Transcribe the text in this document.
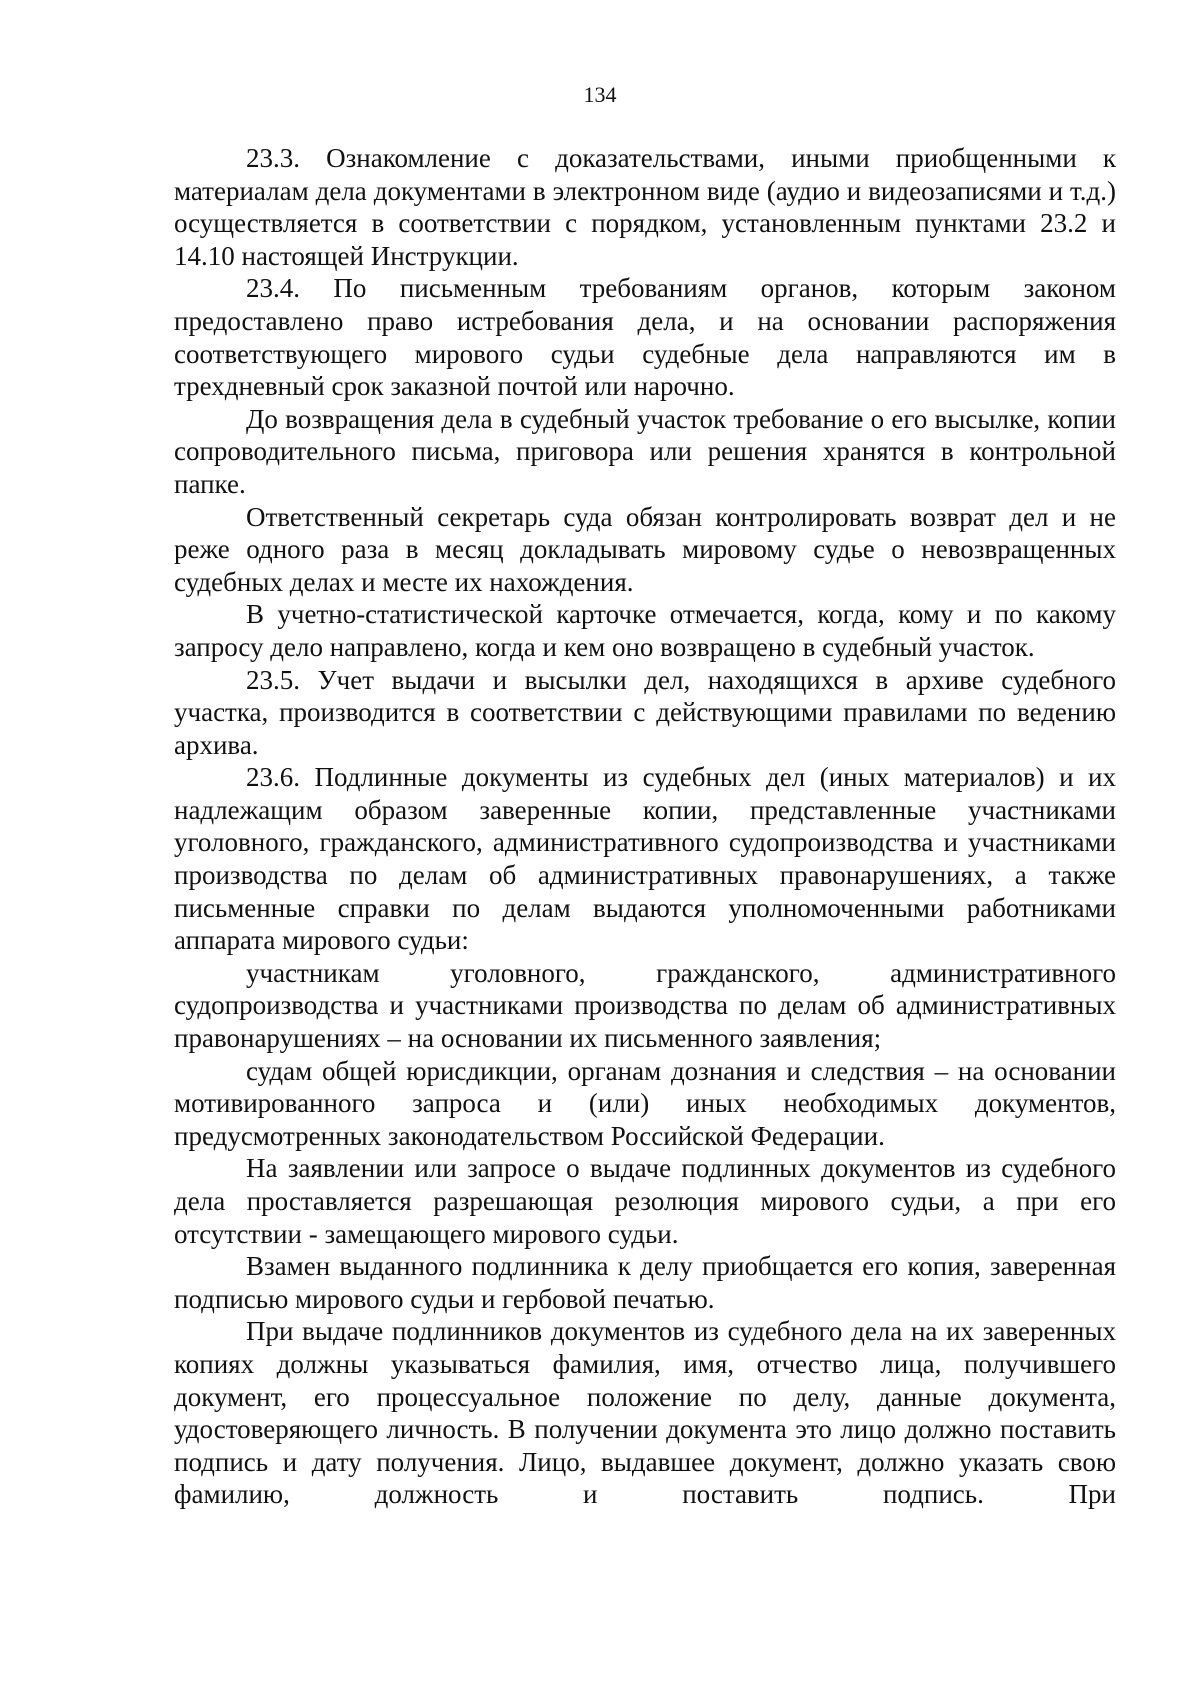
134

23.3. Ознакомление с доказательствами, иными приобщенными к материалам дела документами в электронном виде (аудио и видеозаписями и т.д.) осуществляется в соответствии с порядком, установленным пунктами 23.2 и 14.10 настоящей Инструкции.

23.4. По письменным требованиям органов, которым законом предоставлено право истребования дела, и на основании распоряжения соответствующего мирового судьи судебные дела направляются им в трехдневный срок заказной почтой или нарочно.

До возвращения дела в судебный участок требование о его высылке, копии сопроводительного письма, приговора или решения хранятся в контрольной папке.

Ответственный секретарь суда обязан контролировать возврат дел и не реже одного раза в месяц докладывать мировому судье о невозвращенных судебных делах и месте их нахождения.

В учетно-статистической карточке отмечается, когда, кому и по какому запросу дело направлено, когда и кем оно возвращено в судебный участок.

23.5. Учет выдачи и высылки дел, находящихся в архиве судебного участка, производится в соответствии с действующими правилами по ведению архива.

23.6. Подлинные документы из судебных дел (иных материалов) и их надлежащим образом заверенные копии, представленные участниками уголовного, гражданского, административного судопроизводства и участниками производства по делам об административных правонарушениях, а также письменные справки по делам выдаются уполномоченными работниками аппарата мирового судьи:

участникам уголовного, гражданского, административного судопроизводства и участниками производства по делам об административных правонарушениях – на основании их письменного заявления;

судам общей юрисдикции, органам дознания и следствия – на основании мотивированного запроса и (или) иных необходимых документов, предусмотренных законодательством Российской Федерации.

На заявлении или запросе о выдаче подлинных документов из судебного дела проставляется разрешающая резолюция мирового судьи, а при его отсутствии - замещающего мирового судьи.

Взамен выданного подлинника к делу приобщается его копия, заверенная подписью мирового судьи и гербовой печатью.

При выдаче подлинников документов из судебного дела на их заверенных копиях должны указываться фамилия, имя, отчество лица, получившего документ, его процессуальное положение по делу, данные документа, удостоверяющего личность. В получении документа это лицо должно поставить подпись и дату получения. Лицо, выдавшее документ, должно указать свою фамилию, должность и поставить подпись. При
